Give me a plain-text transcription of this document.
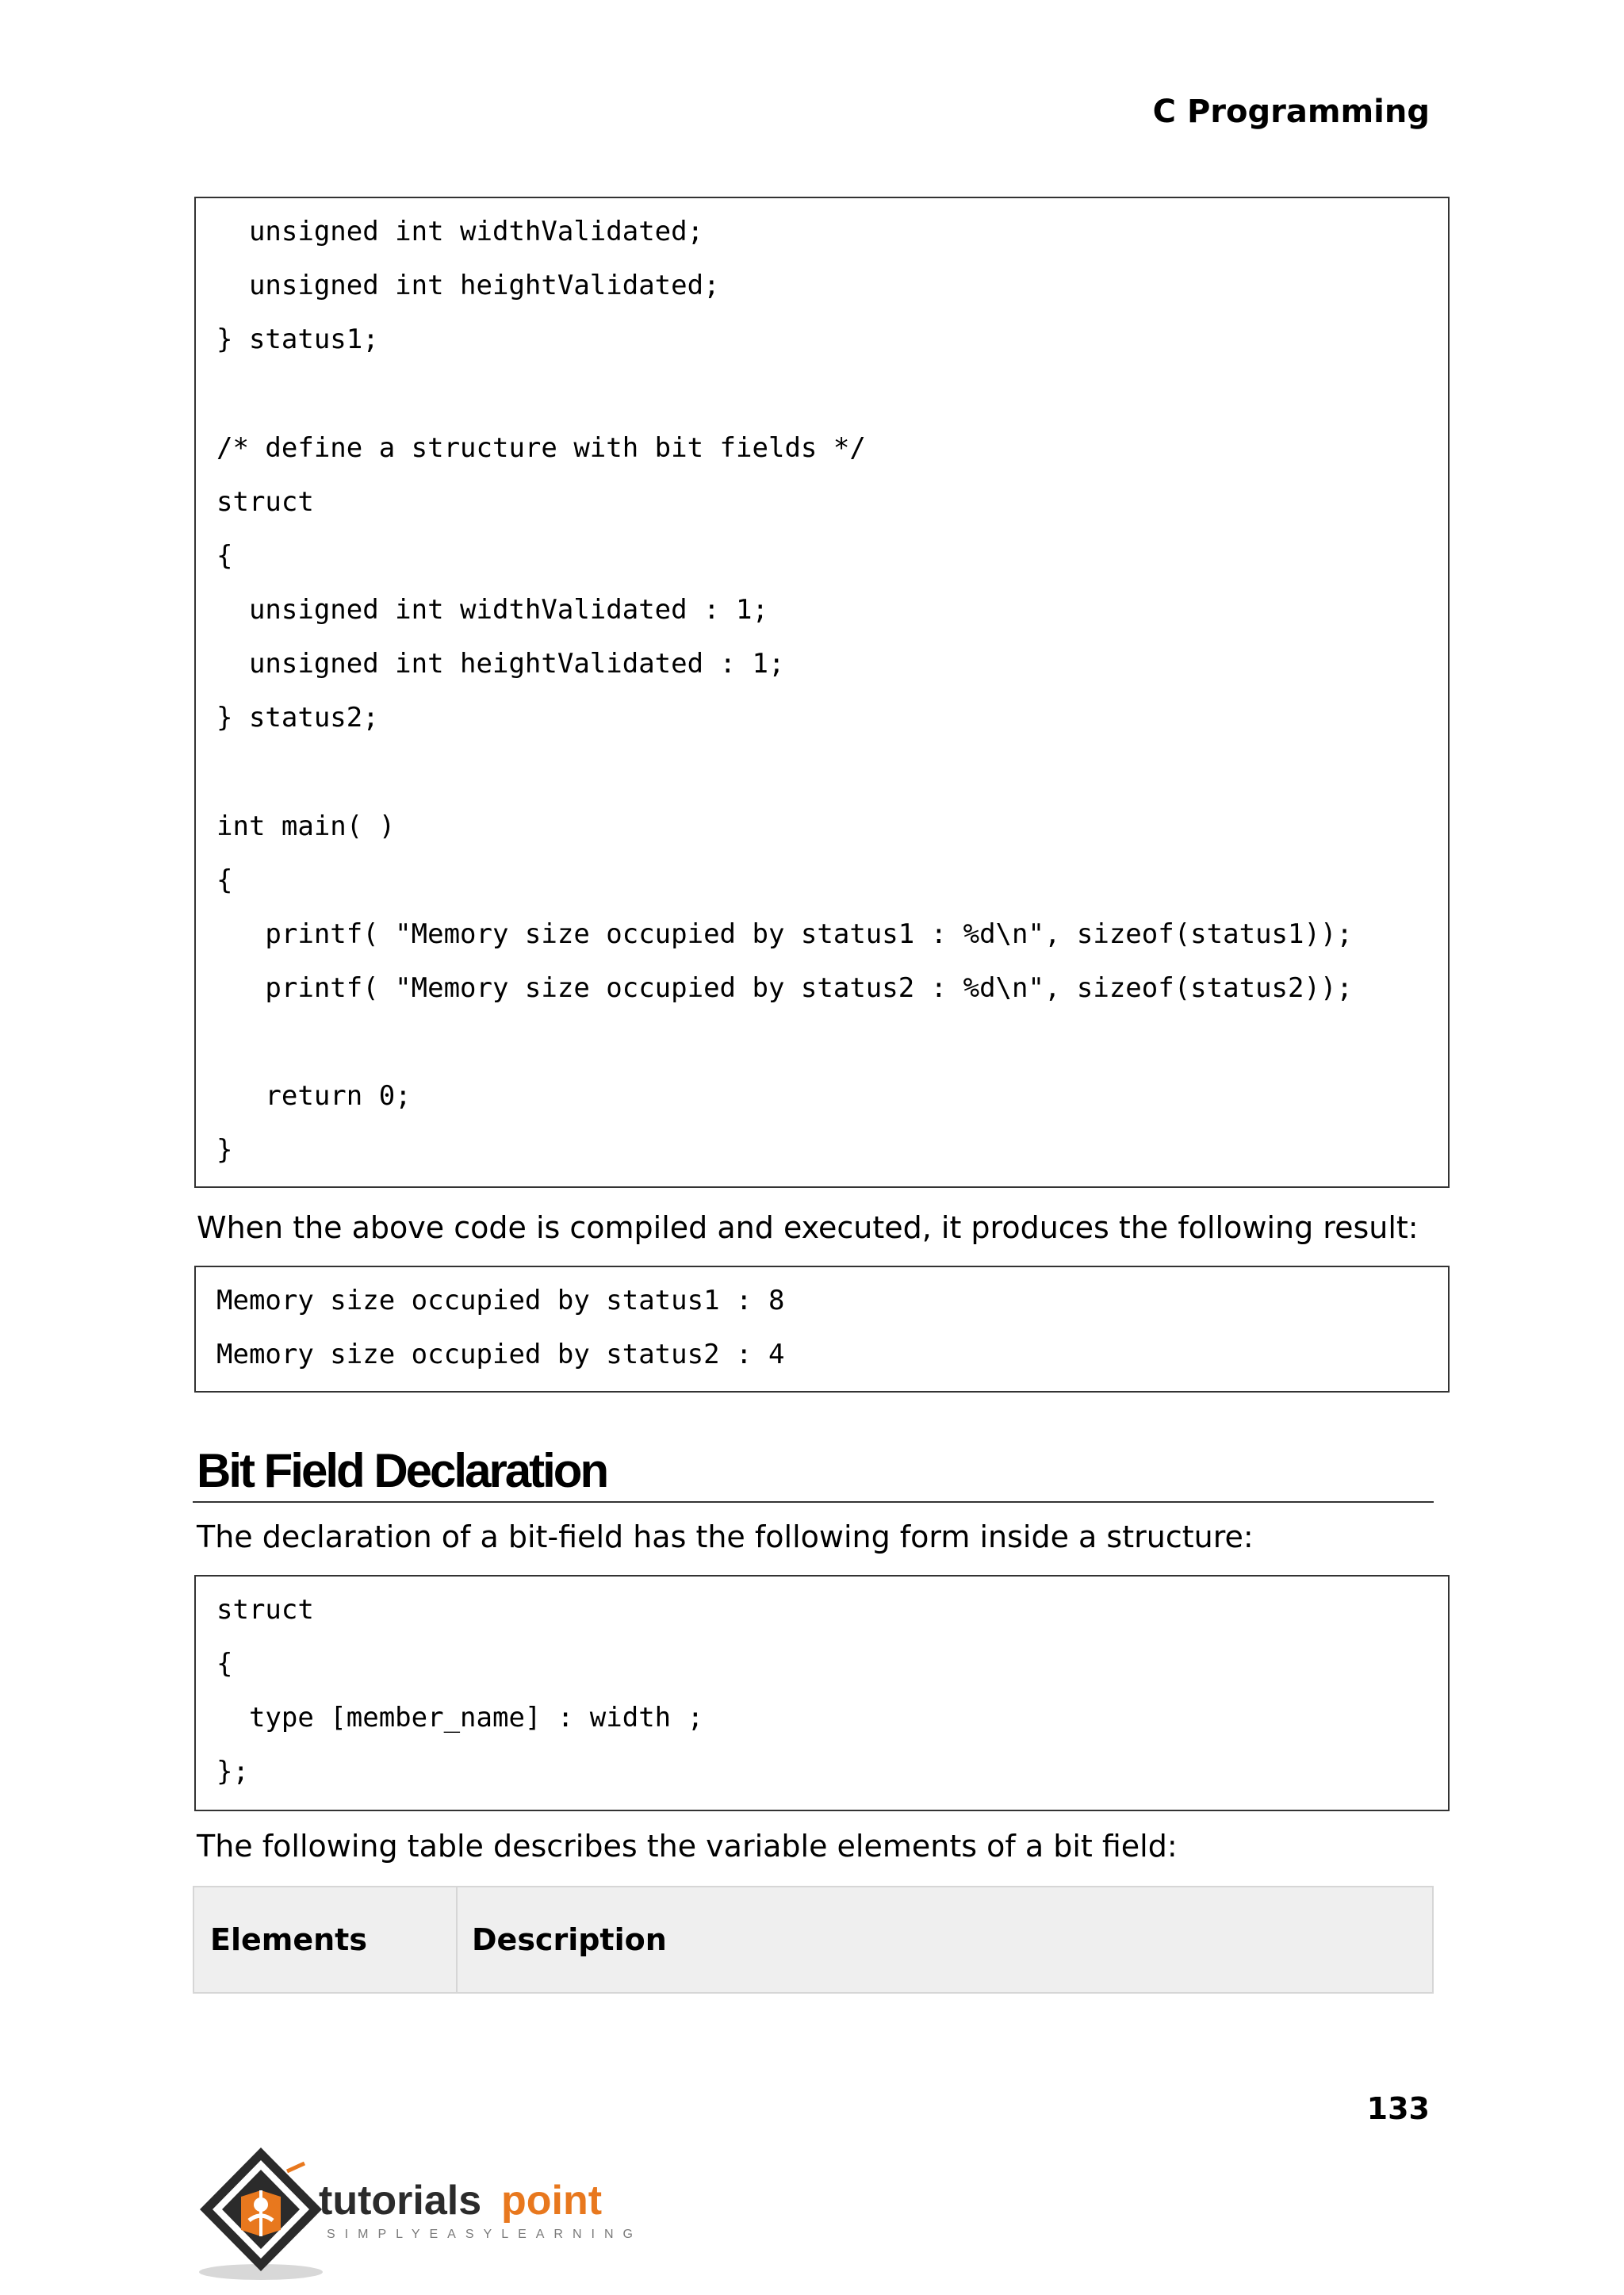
C Programming
unsigned int widthValidated;
unsigned int heightValidated;
} status1;
/* define a structure with bit fields */
struct
{
unsigned int widthValidated : 1;
unsigned int heightValidated : 1;
} status2;
int main( )
{
printf( "Memory size occupied by status1 : %d\n", sizeof(status1));
printf( "Memory size occupied by status2 : %d\n", sizeof(status2));
return 0;
}
When the above code is compiled and executed, it produces the following result:
Memory size occupied by status1 : 8
Memory size occupied by status2 : 4
Bit Field Declaration
The declaration of a bit-field has the following form inside a structure:
struct
{
type [member_name] : width ;
};
The following table describes the variable elements of a bit field:
Elements	Description
133
tutorials point
SIMPLYEASYLEARNING
